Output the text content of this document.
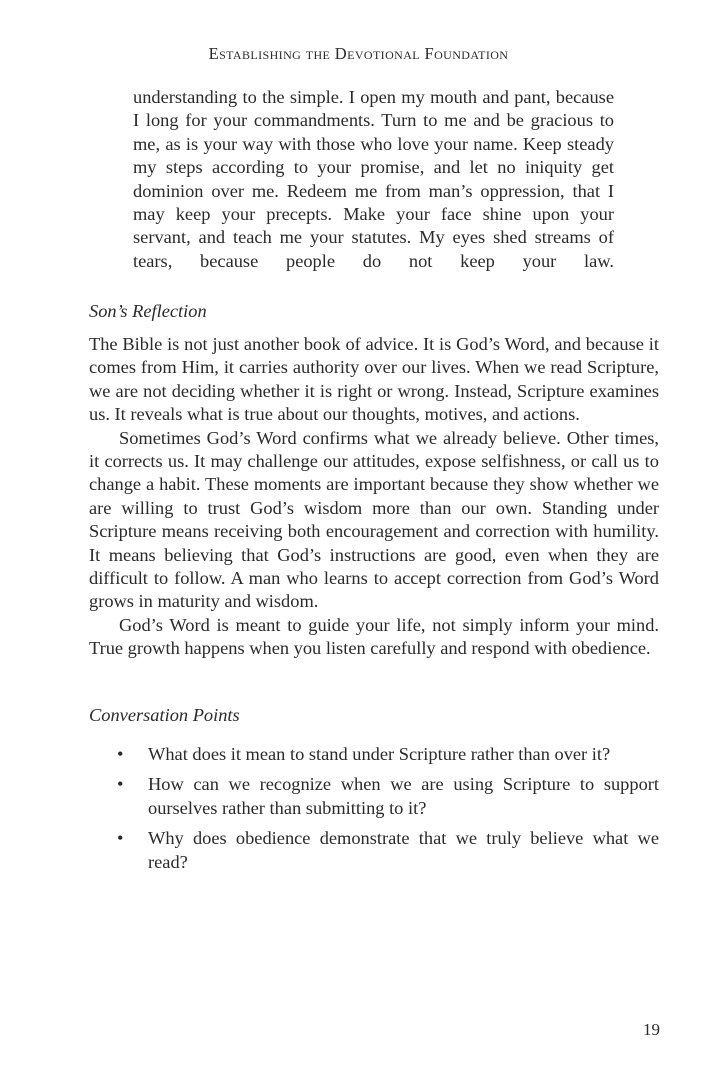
Establishing the Devotional Foundation
understanding to the simple. I open my mouth and pant, because I long for your commandments. Turn to me and be gracious to me, as is your way with those who love your name. Keep steady my steps according to your promise, and let no iniquity get dominion over me. Redeem me from man’s oppression, that I may keep your precepts. Make your face shine upon your servant, and teach me your statutes. My eyes shed streams of tears, because people do not keep your law.
Son’s Reflection

The Bible is not just another book of advice. It is God’s Word, and because it comes from Him, it carries authority over our lives. When we read Scripture, we are not deciding whether it is right or wrong. Instead, Scripture examines us. It reveals what is true about our thoughts, motives, and actions.

Sometimes God’s Word confirms what we already believe. Other times, it corrects us. It may challenge our attitudes, expose selfishness, or call us to change a habit. These moments are important because they show whether we are willing to trust God’s wisdom more than our own. Standing under Scripture means receiving both encouragement and correction with humility. It means believing that God’s instructions are good, even when they are difficult to follow. A man who learns to accept correction from God’s Word grows in maturity and wisdom.

God’s Word is meant to guide your life, not simply inform your mind. True growth happens when you listen carefully and respond with obedience.

Conversation Points
• What does it mean to stand under Scripture rather than over it?
• How can we recognize when we are using Scripture to support ourselves rather than submitting to it?
• Why does obedience demonstrate that we truly believe what we read?
19
